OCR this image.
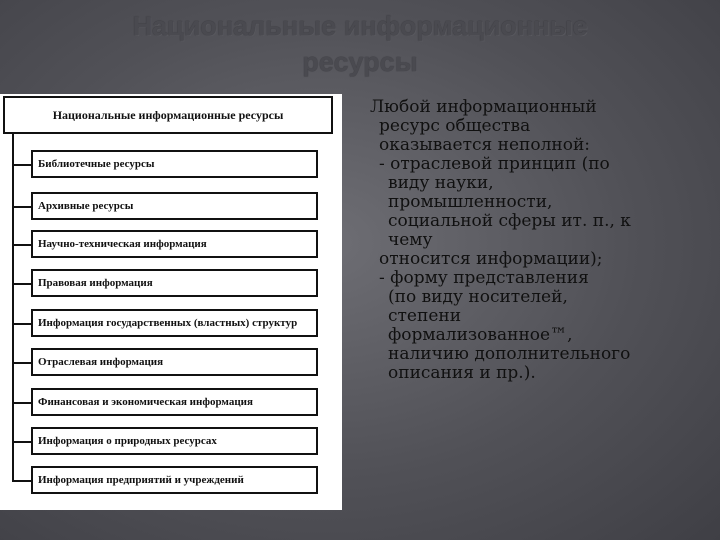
Национальные информационные
ресурсы
Национальные информационные ресурсы
Библиотечные ресурсы
Архивные ресурсы
Научно-техническая информация
Правовая информация
Информация государственных (властных) структур
Отраслевая информация
Финансовая и экономическая информация
Информация о природных ресурсах
Информация предприятий и учреждений
Любой информационный
ресурс общества
оказывается неполной:
- отраслевой принцип (по
виду науки,
промышленности,
социальной сферы ит. п., к
чему
относится информации);
- форму представления
(по виду носителей,
степени
формализованное™,
наличию дополнительного
описания и пр.).
